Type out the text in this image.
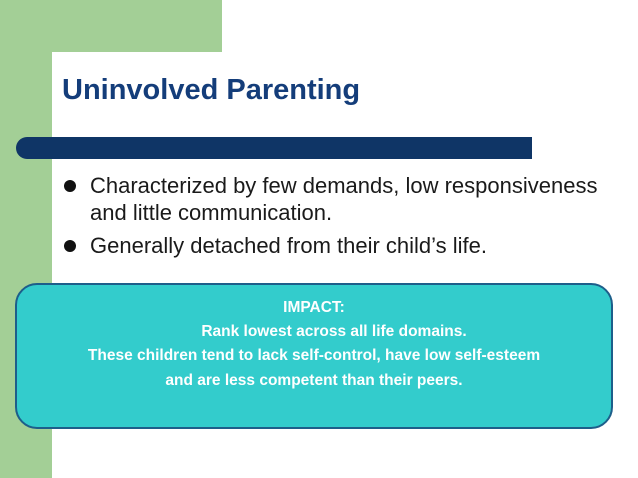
Uninvolved Parenting
Characterized by few demands, low responsiveness and little communication.
Generally detached from their child’s life.
IMPACT:
Rank lowest across all life domains.
These children tend to lack self-control, have low self-esteem
and are less competent than their peers.
